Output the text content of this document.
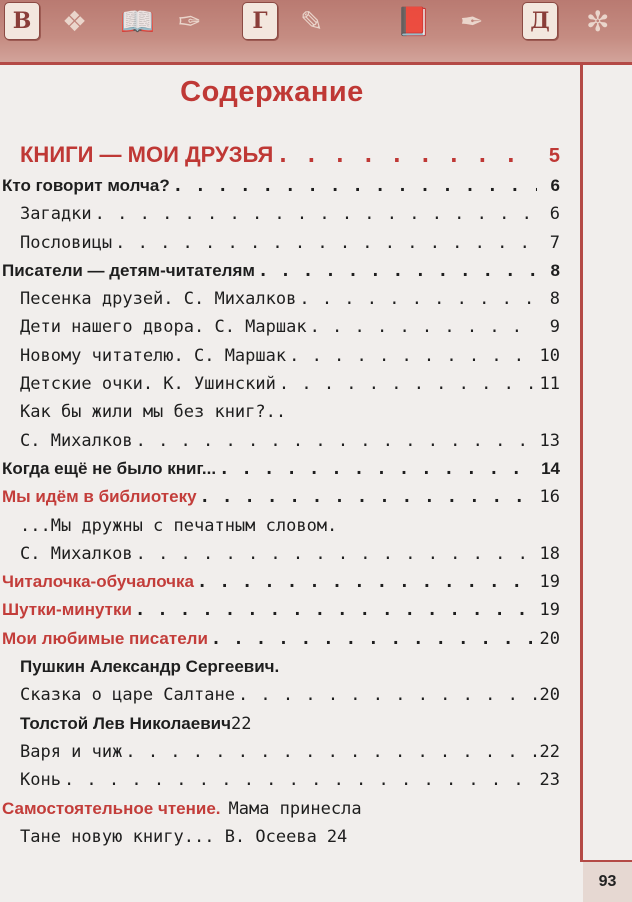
В	❖ 📖 ✑	Г	✎	📕 ✒	Д ✼
Содержание
КНИГИ — МОИ ДРУЗЬЯ . . .	5
Кто говорит молча? . . .	6
Загадки . . .	6
Пословицы . . .	7
Писатели — детям-читателям . . .	8
Песенка друзей. С. Михалков . . .	8
Дети нашего двора. С. Маршак . . .	9
Новому читателю. С. Маршак . . .	10
Детские очки. К. Ушинский . . .	11
Как бы жили мы без книг?..
С. Михалков . . .	13
Когда ещё не было книг... . . .	14
Мы идём в библиотеку . . .	16
...Мы дружны с печатным словом.
С. Михалков . . .	18
Читалочка-обучалочка . . .	19
Шутки-минутки . . .	19
Мои любимые писатели . . .	20
Пушкин Александр Сергеевич.
Сказка о царе Салтане . . .	20
Толстой Лев Николаевич 22
Варя и чиж . . .	22
Конь . . .	23
Самостоятельное чтение. Мама принесла
Тане новую книгу... В. Осеева 24
93
